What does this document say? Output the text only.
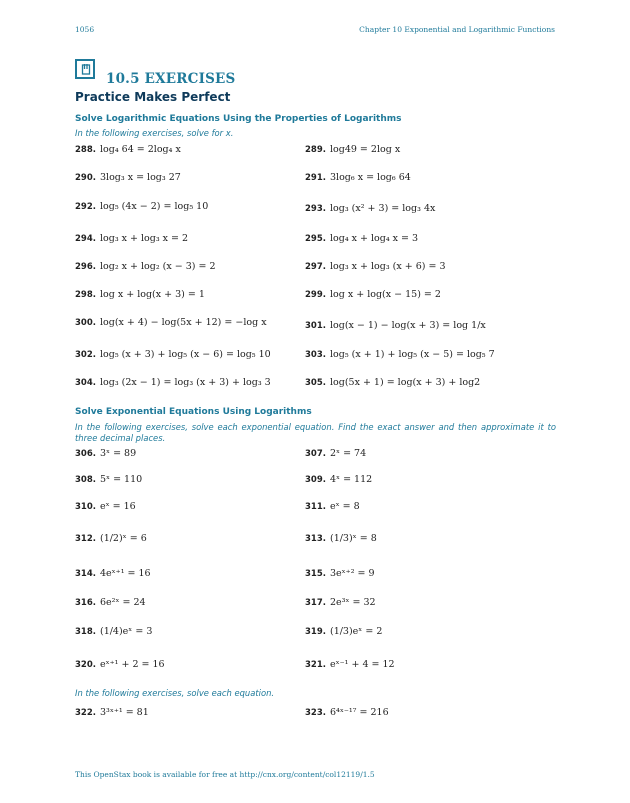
1056	Chapter 10 Exponential and Logarithmic Functions
10.5 EXERCISES
Practice Makes Perfect
Solve Logarithmic Equations Using the Properties of Logarithms
In the following exercises, solve for x.
288. log₄ 64 = 2log₄ x	289. log49 = 2log x
290. 3log₃ x = log₃ 27	291. 3log₆ x = log₆ 64
292. log₅ (4x − 2) = log₅ 10	293. log₃ (x² + 3) = log₃ 4x
294. log₃ x + log₃ x = 2	295. log₄ x + log₄ x = 3
296. log₂ x + log₂ (x − 3) = 2	297. log₃ x + log₃ (x + 6) = 3
298. log x + log(x + 3) = 1	299. log x + log(x − 15) = 2
300. log(x + 4) − log(5x + 12) = −log x	301. log(x − 1) − log(x + 3) = log 1/x
302. log₅ (x + 3) + log₅ (x − 6) = log₅ 10	303. log₅ (x + 1) + log₅ (x − 5) = log₅ 7
304. log₃ (2x − 1) = log₃ (x + 3) + log₃ 3	305. log(5x + 1) = log(x + 3) + log2
Solve Exponential Equations Using Logarithms
In the following exercises, solve each exponential equation. Find the exact answer and then approximate it to three decimal places.
306. 3ˣ = 89	307. 2ˣ = 74
308. 5ˣ = 110	309. 4ˣ = 112
310. eˣ = 16	311. eˣ = 8
312. (1/2)ˣ = 6	313. (1/3)ˣ = 8
314. 4eˣ⁺¹ = 16	315. 3eˣ⁺² = 9
316. 6e²ˣ = 24	317. 2e³ˣ = 32
318. (1/4)eˣ = 3	319. (1/3)eˣ = 2
320. eˣ⁺¹ + 2 = 16	321. eˣ⁻¹ + 4 = 12
In the following exercises, solve each equation.
322. 3³ˣ⁺¹ = 81	323. 6⁴ˣ⁻¹⁷ = 216
This OpenStax book is available for free at http://cnx.org/content/col12119/1.5
